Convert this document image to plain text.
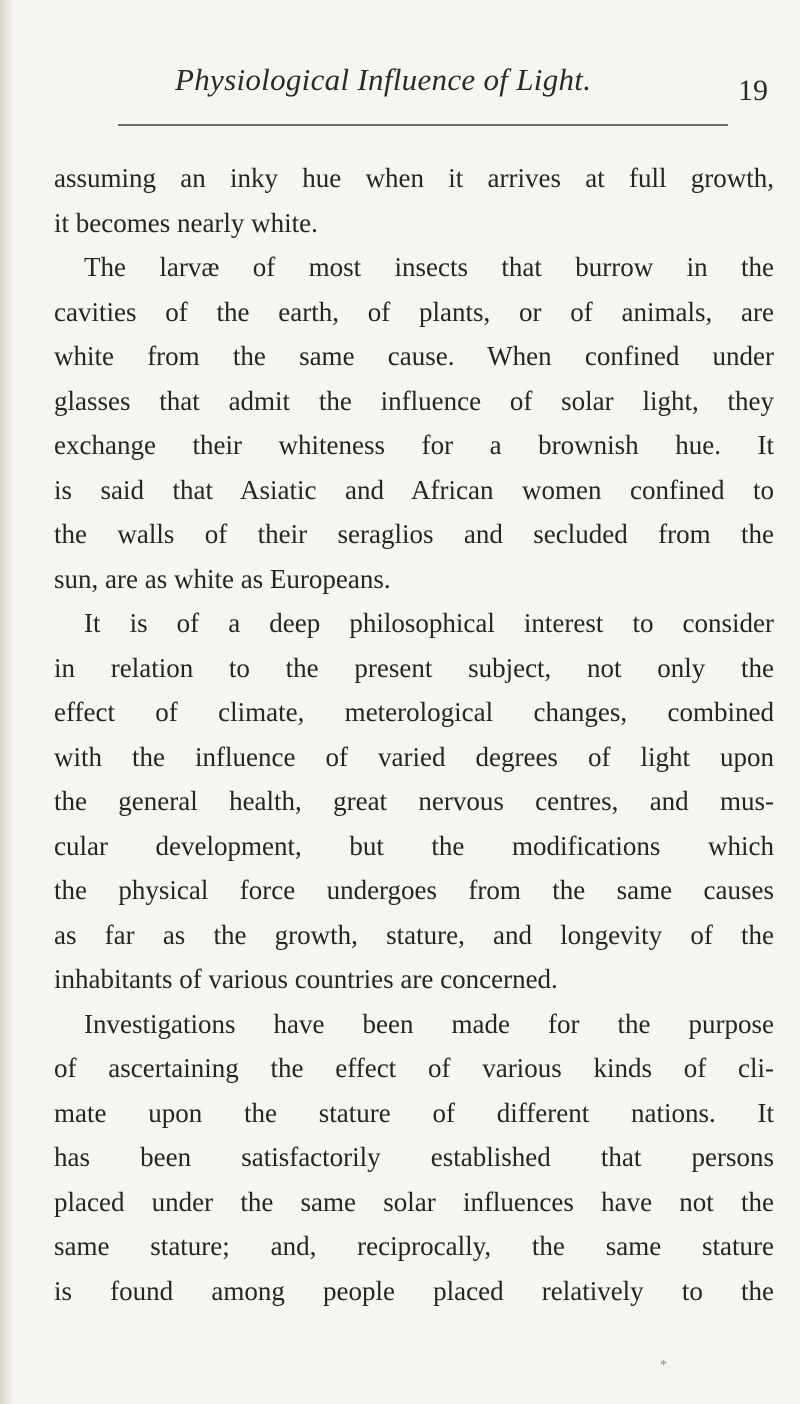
Physiological Influence of Light.	19
assuming an inky hue when it arrives at full growth,
it becomes nearly white.
The larvæ of most insects that burrow in the
cavities of the earth, of plants, or of animals, are
white from the same cause. When confined under
glasses that admit the influence of solar light, they
exchange their whiteness for a brownish hue. It
is said that Asiatic and African women confined to
the walls of their seraglios and secluded from the
sun, are as white as Europeans.
It is of a deep philosophical interest to consider
in relation to the present subject, not only the
effect of climate, meterological changes, combined
with the influence of varied degrees of light upon
the general health, great nervous centres, and mus-
cular development, but the modifications which
the physical force undergoes from the same causes
as far as the growth, stature, and longevity of the
inhabitants of various countries are concerned.
Investigations have been made for the purpose
of ascertaining the effect of various kinds of cli-
mate upon the stature of different nations. It
has been satisfactorily established that persons
placed under the same solar influences have not the
same stature; and, reciprocally, the same stature
is found among people placed relatively to the
*
